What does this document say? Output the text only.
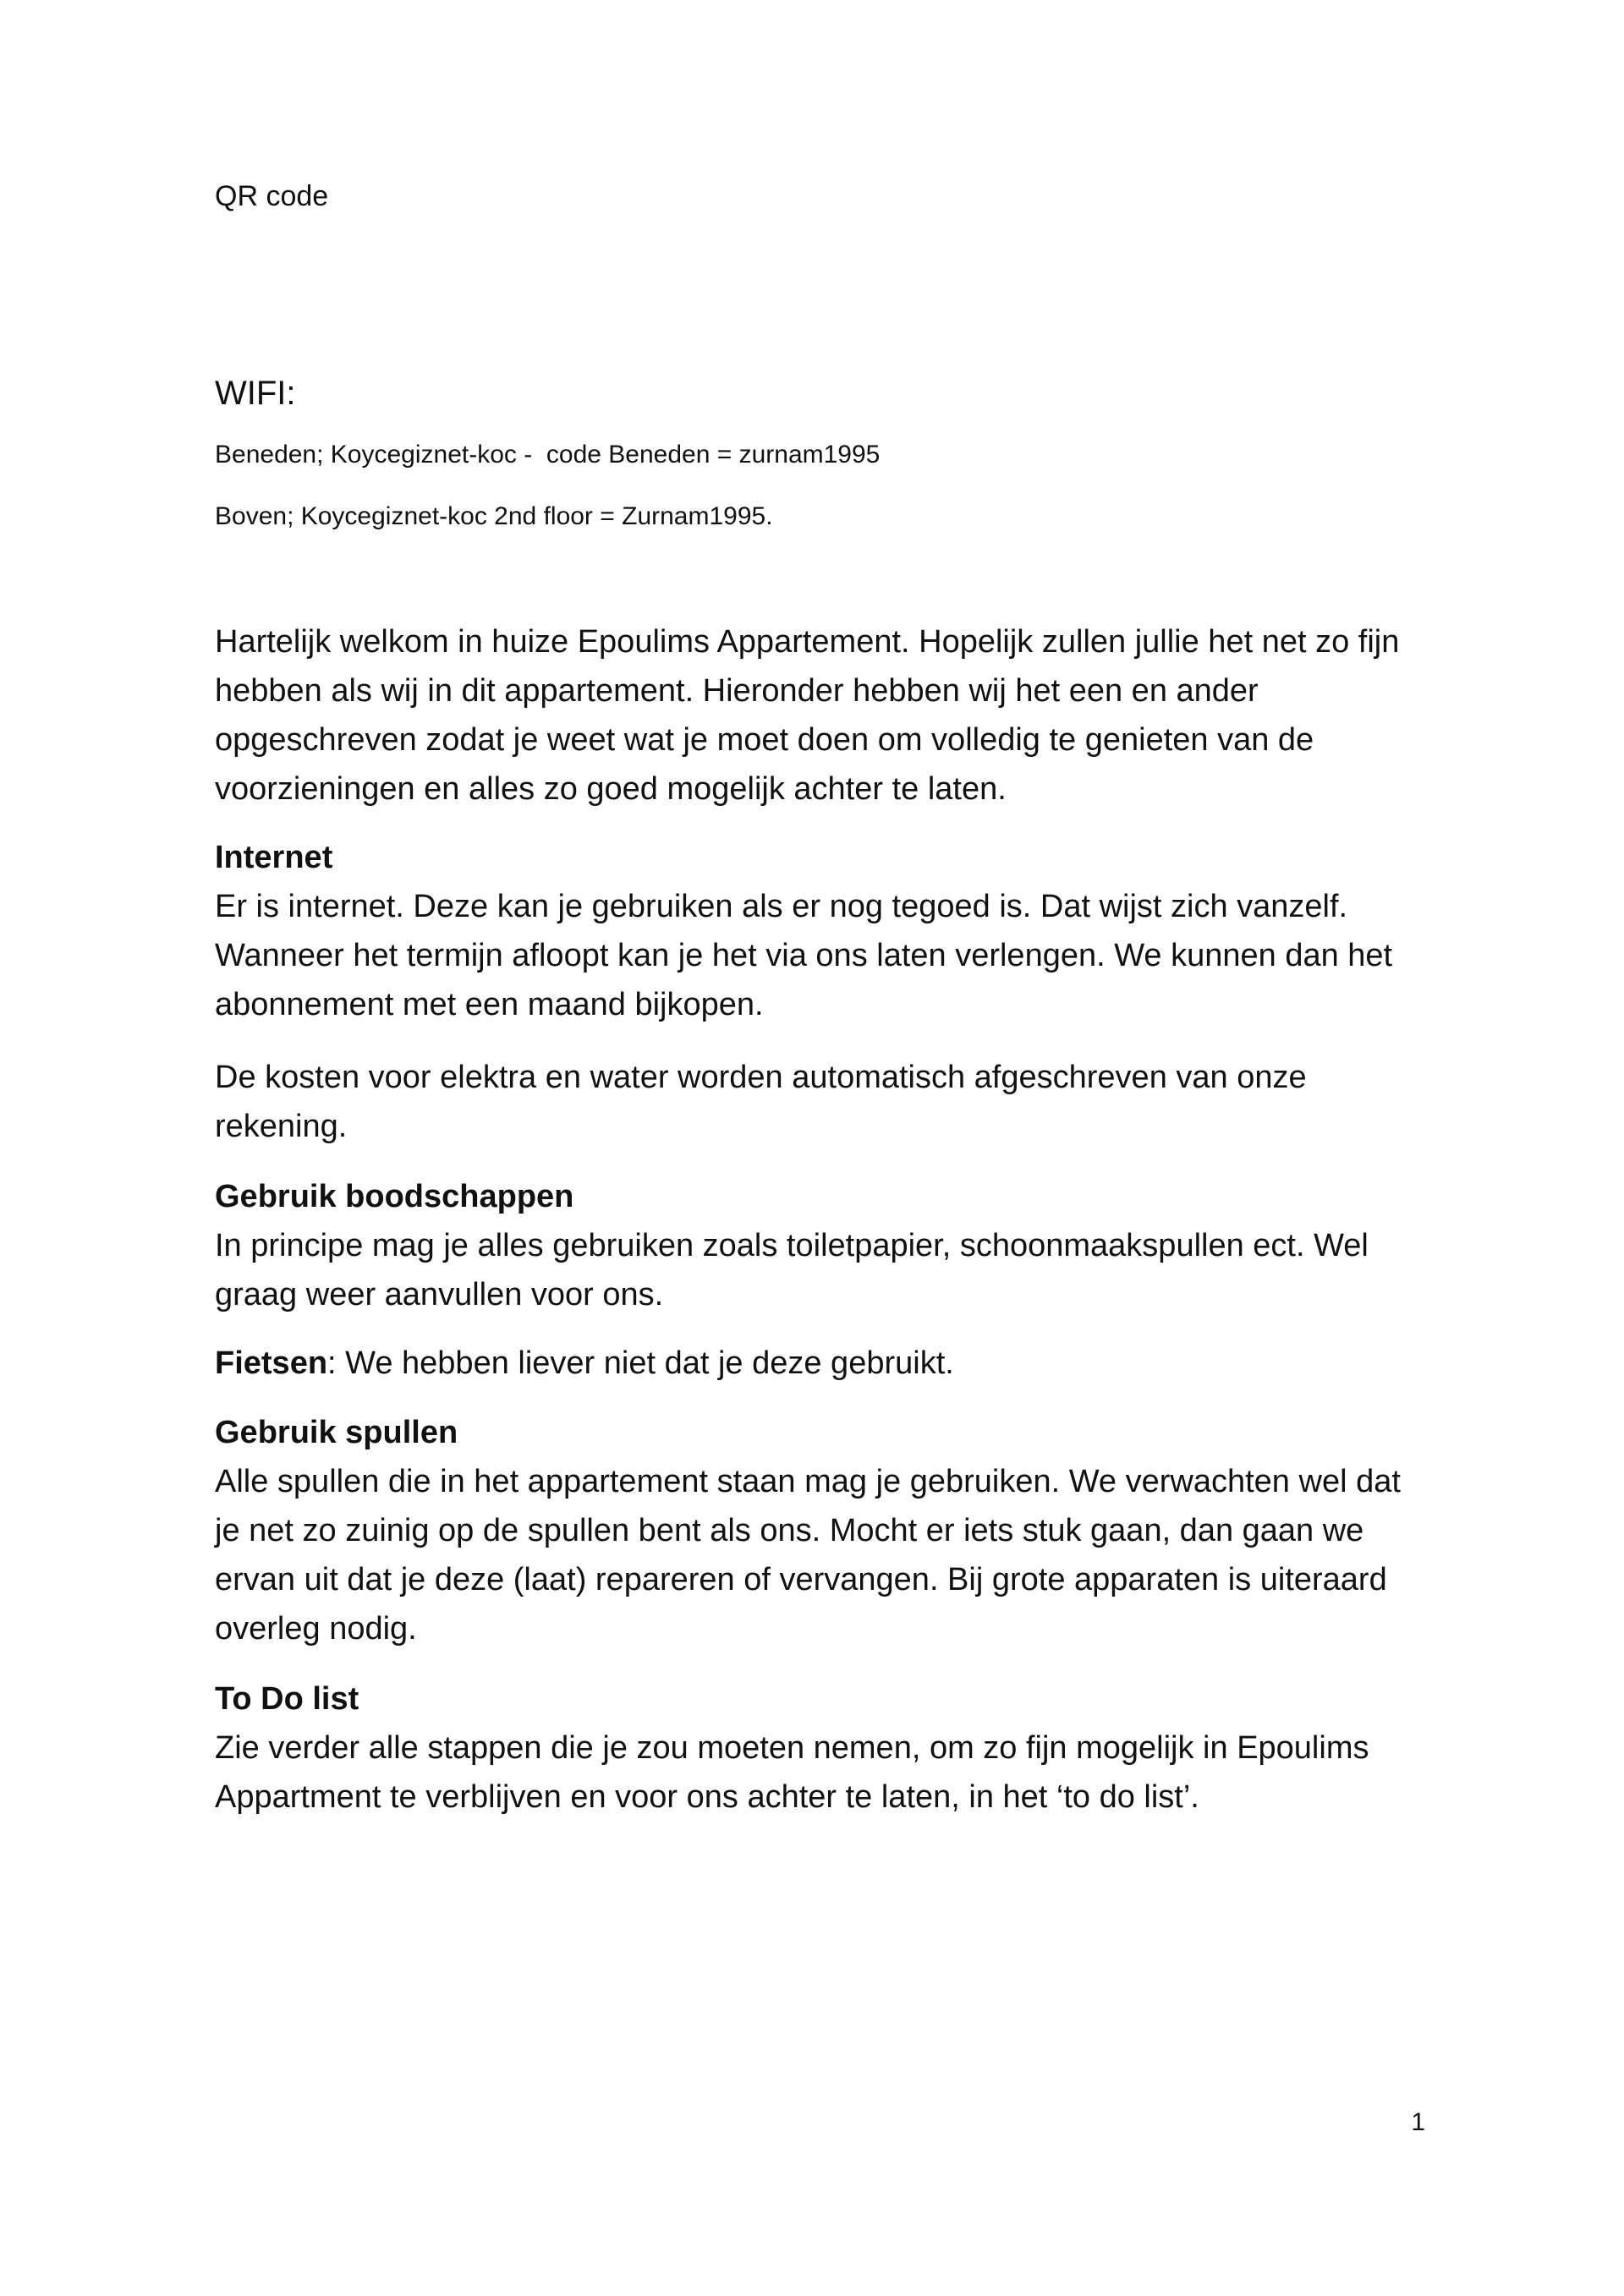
QR code

WIFI:

Beneden; Koycegiznet-koc -  code Beneden = zurnam1995

Boven; Koycegiznet-koc 2nd floor = Zurnam1995.

Hartelijk welkom in huize Epoulims Appartement. Hopelijk zullen jullie het net zo fijn hebben als wij in dit appartement. Hieronder hebben wij het een en ander opgeschreven zodat je weet wat je moet doen om volledig te genieten van de voorzieningen en alles zo goed mogelijk achter te laten.

Internet
Er is internet. Deze kan je gebruiken als er nog tegoed is. Dat wijst zich vanzelf. Wanneer het termijn afloopt kan je het via ons laten verlengen. We kunnen dan het abonnement met een maand bijkopen.

De kosten voor elektra en water worden automatisch afgeschreven van onze rekening.

Gebruik boodschappen
In principe mag je alles gebruiken zoals toiletpapier, schoonmaakspullen ect. Wel graag weer aanvullen voor ons.

Fietsen: We hebben liever niet dat je deze gebruikt.

Gebruik spullen
Alle spullen die in het appartement staan mag je gebruiken. We verwachten wel dat je net zo zuinig op de spullen bent als ons. Mocht er iets stuk gaan, dan gaan we ervan uit dat je deze (laat) repareren of vervangen. Bij grote apparaten is uiteraard overleg nodig.
To Do list
Zie verder alle stappen die je zou moeten nemen, om zo fijn mogelijk in Epoulims Appartment te verblijven en voor ons achter te laten, in het ‘to do list’.
1
